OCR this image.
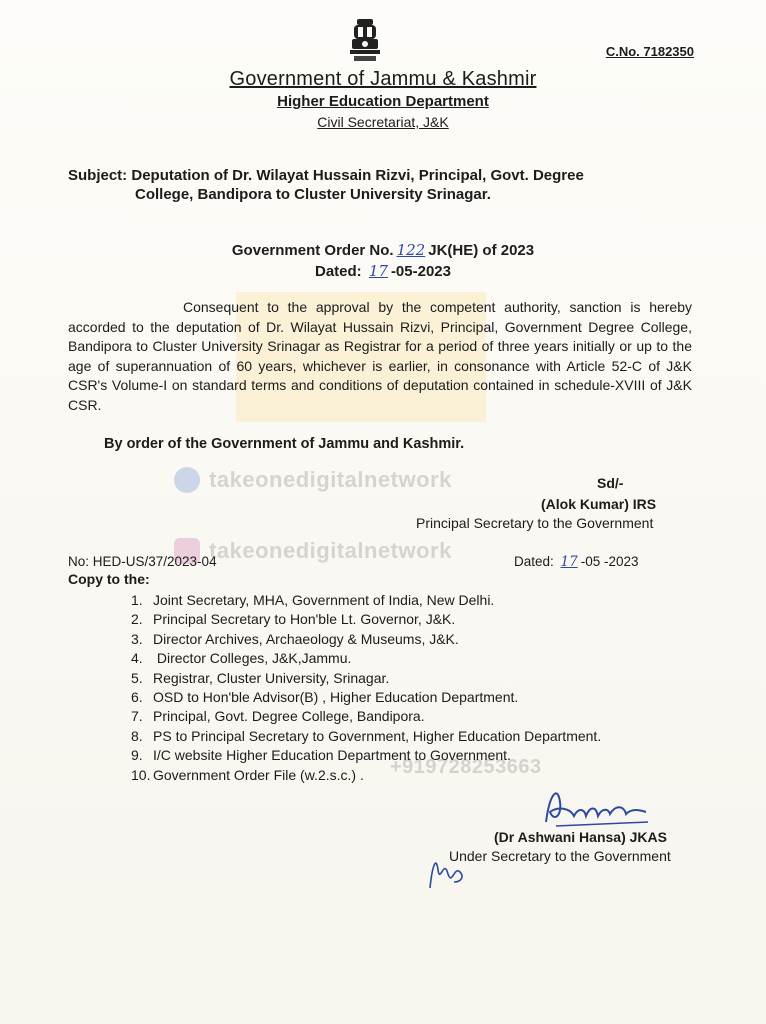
C.No. 7182350
Government of Jammu & Kashmir
Higher Education Department
Civil Secretariat, J&K
Subject: Deputation of Dr. Wilayat Hussain Rizvi, Principal, Govt. Degree
College, Bandipora to Cluster University Srinagar.
Government Order No. 122 JK(HE) of 2023
Dated: 17 -05-2023
Consequent to the approval by the competent authority, sanction is hereby accorded to the deputation of Dr. Wilayat Hussain Rizvi, Principal, Government Degree College, Bandipora to Cluster University Srinagar as Registrar for a period of three years initially or up to the age of superannuation of 60 years, whichever is earlier, in consonance with Article 52-C of J&K CSR's Volume-I on standard terms and conditions of deputation contained in schedule-XVIII of J&K CSR.
By order of the Government of Jammu and Kashmir.
takeonedigitalnetwork
takeonedigitalnetwork
+919728253663
Sd/-
(Alok Kumar) IRS
Principal Secretary to the Government
No: HED-US/37/2023-04	Dated: 17 -05 -2023
Copy to the:
1. Joint Secretary, MHA, Government of India, New Delhi.
2. Principal Secretary to Hon'ble Lt. Governor, J&K.
3. Director Archives, Archaeology & Museums, J&K.
4. Director Colleges, J&K,Jammu.
5. Registrar, Cluster University, Srinagar.
6. OSD to Hon'ble Advisor(B) , Higher Education Department.
7. Principal, Govt. Degree College, Bandipora.
8. PS to Principal Secretary to Government, Higher Education Department.
9. I/C website Higher Education Department to Government.
10. Government Order File (w.2.s.c.) .
(Dr Ashwani Hansa) JKAS
Under Secretary to the Government
